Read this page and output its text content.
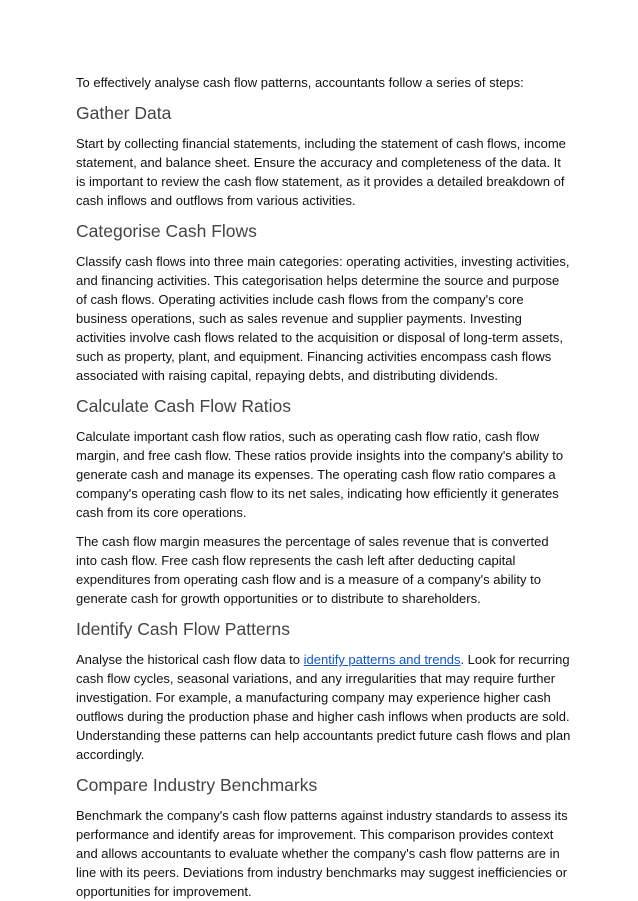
To effectively analyse cash flow patterns, accountants follow a series of steps:

Gather Data

Start by collecting financial statements, including the statement of cash flows, income statement, and balance sheet. Ensure the accuracy and completeness of the data. It is important to review the cash flow statement, as it provides a detailed breakdown of cash inflows and outflows from various activities.

Categorise Cash Flows

Classify cash flows into three main categories: operating activities, investing activities, and financing activities. This categorisation helps determine the source and purpose of cash flows. Operating activities include cash flows from the company's core business operations, such as sales revenue and supplier payments. Investing activities involve cash flows related to the acquisition or disposal of long-term assets, such as property, plant, and equipment. Financing activities encompass cash flows associated with raising capital, repaying debts, and distributing dividends.

Calculate Cash Flow Ratios

Calculate important cash flow ratios, such as operating cash flow ratio, cash flow margin, and free cash flow. These ratios provide insights into the company's ability to generate cash and manage its expenses. The operating cash flow ratio compares a company's operating cash flow to its net sales, indicating how efficiently it generates cash from its core operations.

The cash flow margin measures the percentage of sales revenue that is converted into cash flow. Free cash flow represents the cash left after deducting capital expenditures from operating cash flow and is a measure of a company's ability to generate cash for growth opportunities or to distribute to shareholders.

Identify Cash Flow Patterns

Analyse the historical cash flow data to identify patterns and trends. Look for recurring cash flow cycles, seasonal variations, and any irregularities that may require further investigation. For example, a manufacturing company may experience higher cash outflows during the production phase and higher cash inflows when products are sold. Understanding these patterns can help accountants predict future cash flows and plan accordingly.

Compare Industry Benchmarks

Benchmark the company's cash flow patterns against industry standards to assess its performance and identify areas for improvement. This comparison provides context and allows accountants to evaluate whether the company's cash flow patterns are in line with its peers. Deviations from industry benchmarks may suggest inefficiencies or opportunities for improvement.
